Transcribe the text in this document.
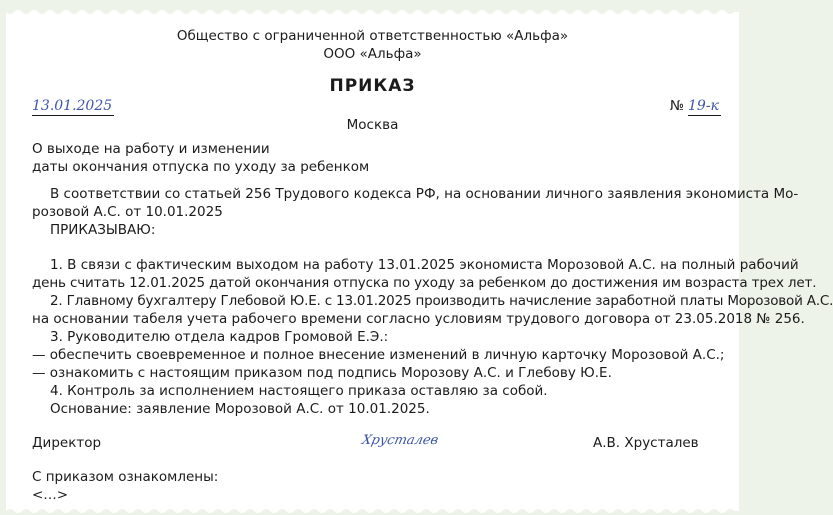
Общество с ограниченной ответственностью «Альфа»
ООО «Альфа»
ПРИКАЗ
13.01.2025	№ 19-к
Москва
О выходе на работу и изменении
даты окончания отпуска по уходу за ребенком
В соответствии со статьей 256 Трудового кодекса РФ, на основании личного заявления экономиста Мо-
розовой А.С. от 10.01.2025
ПРИКАЗЫВАЮ:
1. В связи с фактическим выходом на работу 13.01.2025 экономиста Морозовой А.С. на полный рабочий
день считать 12.01.2025 датой окончания отпуска по уходу за ребенком до достижения им возраста трех лет.
2. Главному бухгалтеру Глебовой Ю.Е. с 13.01.2025 производить начисление заработной платы Морозовой А.С.
на основании табеля учета рабочего времени согласно условиям трудового договора от 23.05.2018 № 256.
3. Руководителю отдела кадров Громовой Е.Э.:
— обеспечить своевременное и полное внесение изменений в личную карточку Морозовой А.С.;
— ознакомить с настоящим приказом под подпись Морозову А.С. и Глебову Ю.Е.
4. Контроль за исполнением настоящего приказа оставляю за собой.
Основание: заявление Морозовой А.С. от 10.01.2025.
Директор	Хрусталев	А.В. Хрусталев
С приказом ознакомлены:
<…>
